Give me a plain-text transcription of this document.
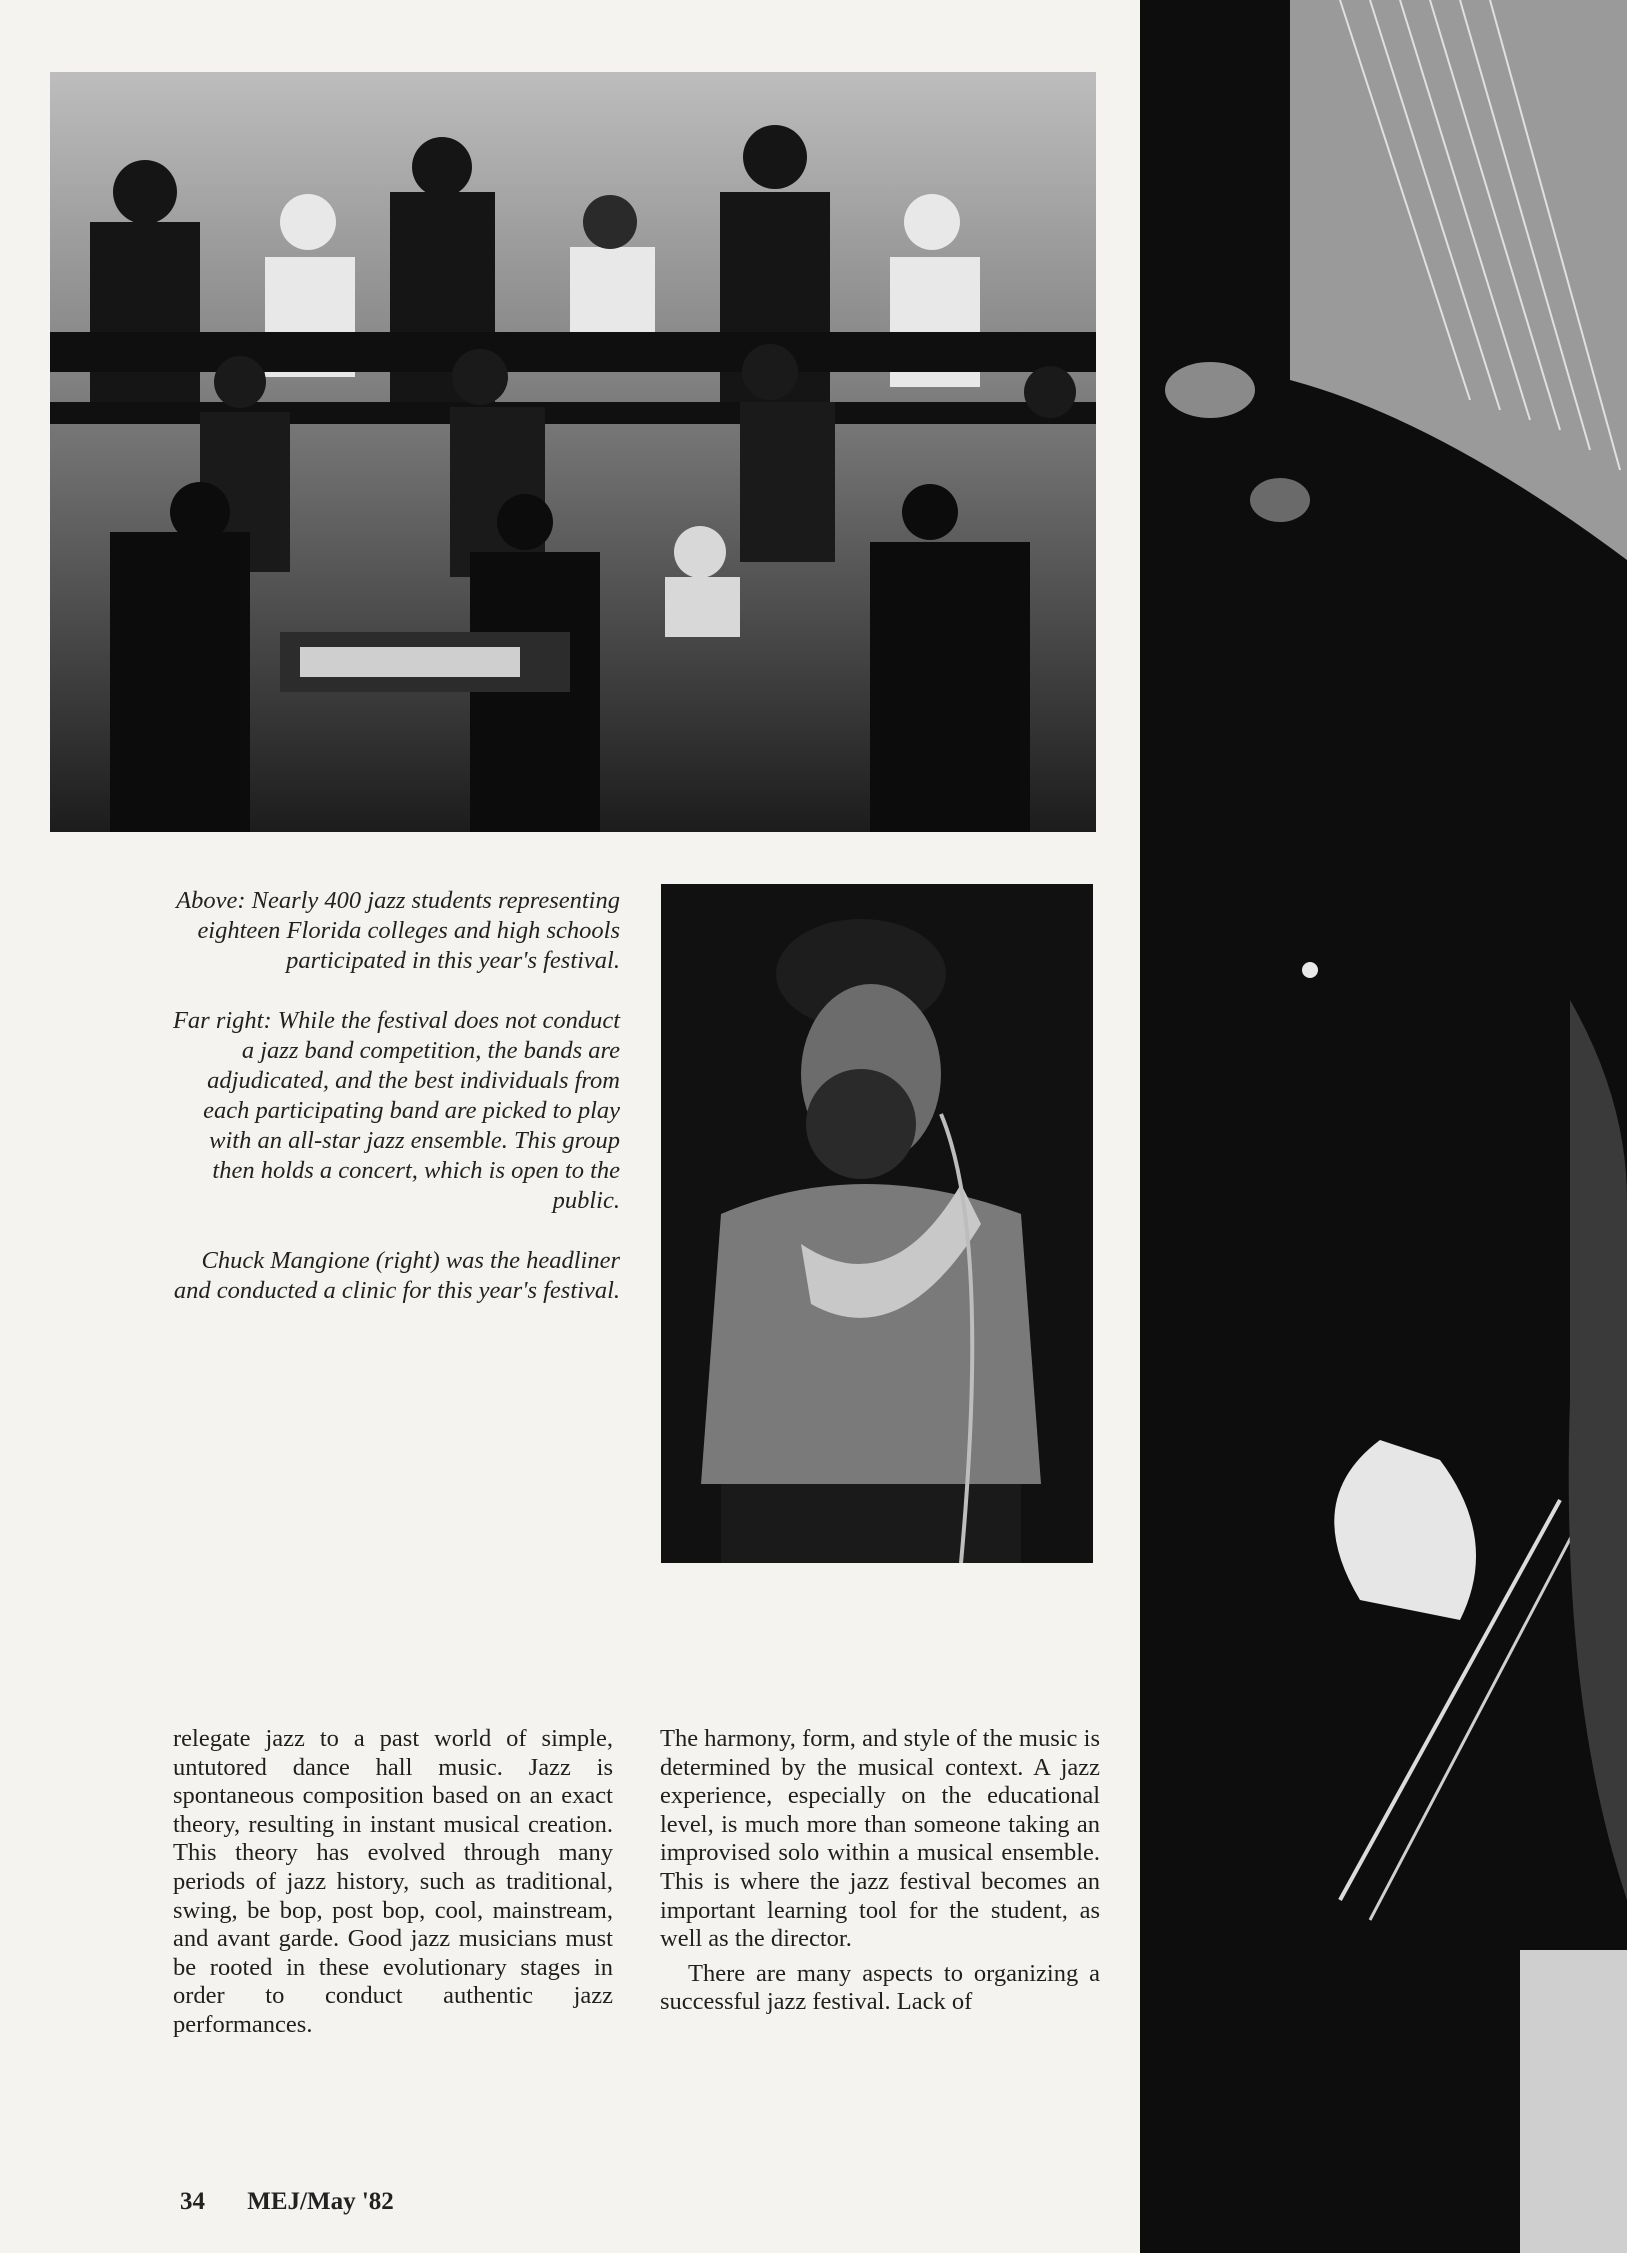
Above: Nearly 400 jazz students representing eighteen Florida colleges and high schools participated in this year's festival.

Far right: While the festival does not conduct a jazz band competition, the bands are adjudicated, and the best individuals from each participating band are picked to play with an all-star jazz ensemble. This group then holds a concert, which is open to the public.

Chuck Mangione (right) was the headliner and conducted a clinic for this year's festival.

relegate jazz to a past world of simple, untutored dance hall music. Jazz is spontaneous composition based on an exact theory, resulting in instant musical creation. This theory has evolved through many periods of jazz history, such as traditional, swing, be bop, post bop, cool, mainstream, and avant garde. Good jazz musicians must be rooted in these evolutionary stages in order to conduct authentic jazz performances.

The harmony, form, and style of the music is determined by the musical context. A jazz experience, especially on the educational level, is much more than someone taking an improvised solo within a musical ensemble. This is where the jazz festival becomes an important learning tool for the student, as well as the director.

There are many aspects to organizing a successful jazz festival. Lack of

34 MEJ/May '82
